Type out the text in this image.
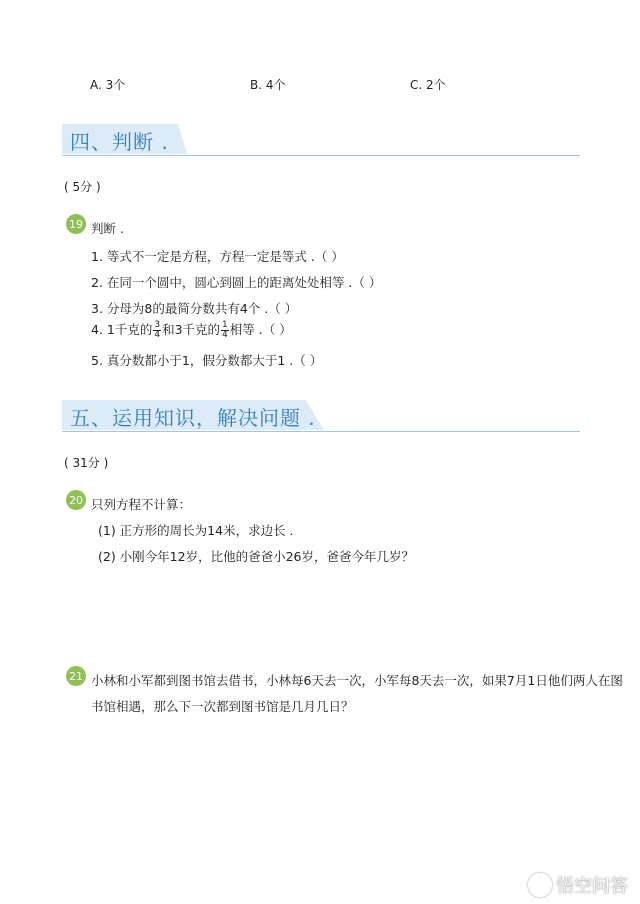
A. 3个	B. 4个	C. 2个
四、判断 .
( 5分 )
19 判断 .
1. 等式不一定是方程，方程一定是等式 .（ ）
2. 在同一个圆中，圆心到圆上的距离处处相等 .（ ）
3. 分母为8的最简分数共有4个 .（ ）
4. 1千克的 $\frac{3}{4}$ 和3千克的 $\frac{1}{4}$ 相等 .（ ）
5. 真分数都小于1，假分数都大于1 .（ ）
五、运用知识，解决问题 .
( 31分 )
20 只列方程不计算：
(1) 正方形的周长为14米，求边长 .
(2) 小刚今年12岁，比他的爸爸小26岁，爸爸今年几岁？
21 小林和小军都到图书馆去借书，小林每6天去一次，小军每8天去一次，如果7月1日他们两人在图
书馆相遇，那么下一次都到图书馆是几月几日？
悟空问答
